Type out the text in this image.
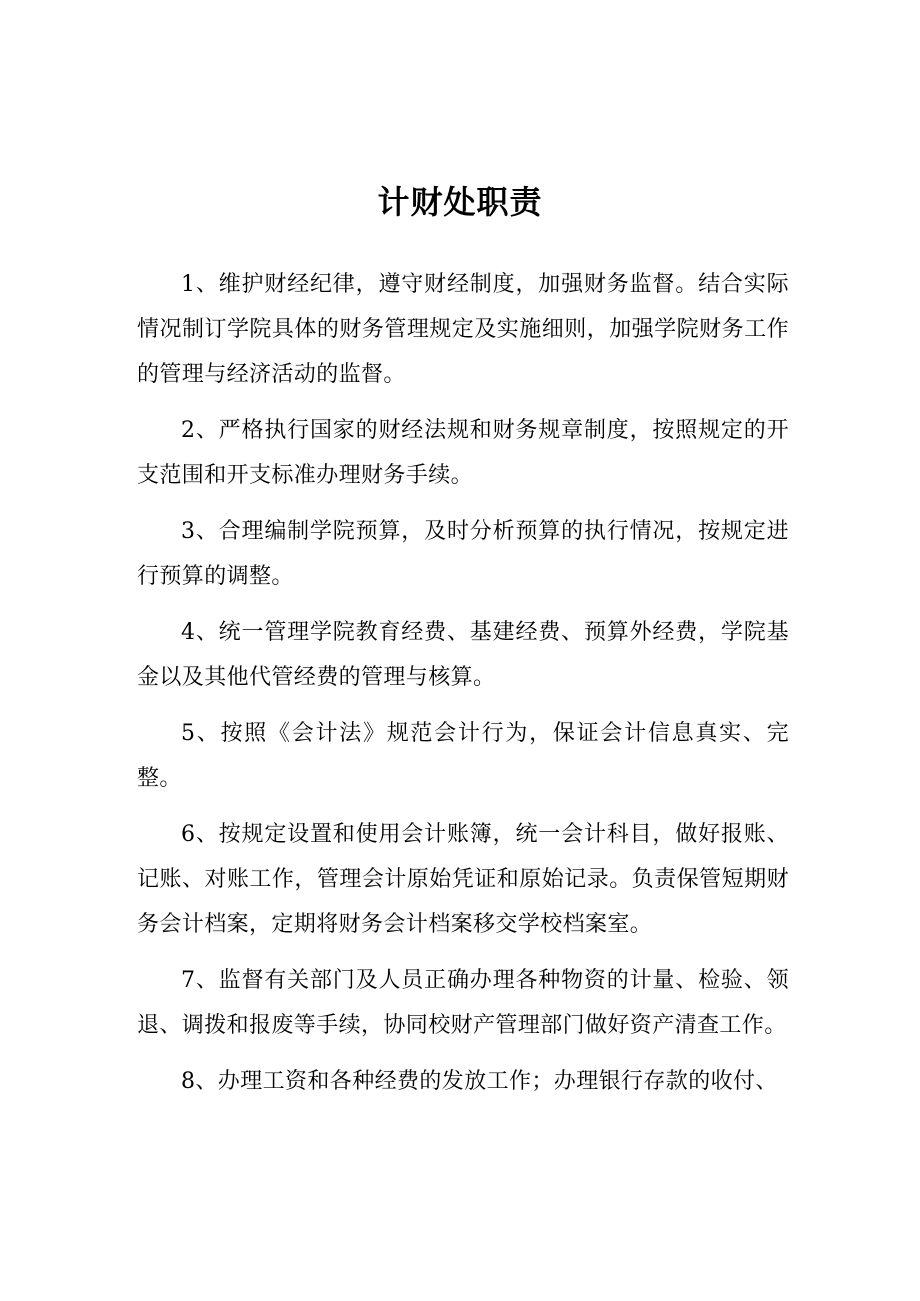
计财处职责

1、维护财经纪律，遵守财经制度，加强财务监督。结合实际情况制订学院具体的财务管理规定及实施细则，加强学院财务工作的管理与经济活动的监督。

2、严格执行国家的财经法规和财务规章制度，按照规定的开支范围和开支标准办理财务手续。

3、合理编制学院预算，及时分析预算的执行情况，按规定进行预算的调整。

4、统一管理学院教育经费、基建经费、预算外经费，学院基金以及其他代管经费的管理与核算。

5、按照《会计法》规范会计行为，保证会计信息真实、完整。

6、按规定设置和使用会计账簿，统一会计科目，做好报账、记账、对账工作，管理会计原始凭证和原始记录。负责保管短期财务会计档案，定期将财务会计档案移交学校档案室。

7、监督有关部门及人员正确办理各种物资的计量、检验、领退、调拨和报废等手续，协同校财产管理部门做好资产清查工作。

8、办理工资和各种经费的发放工作；办理银行存款的收付、
